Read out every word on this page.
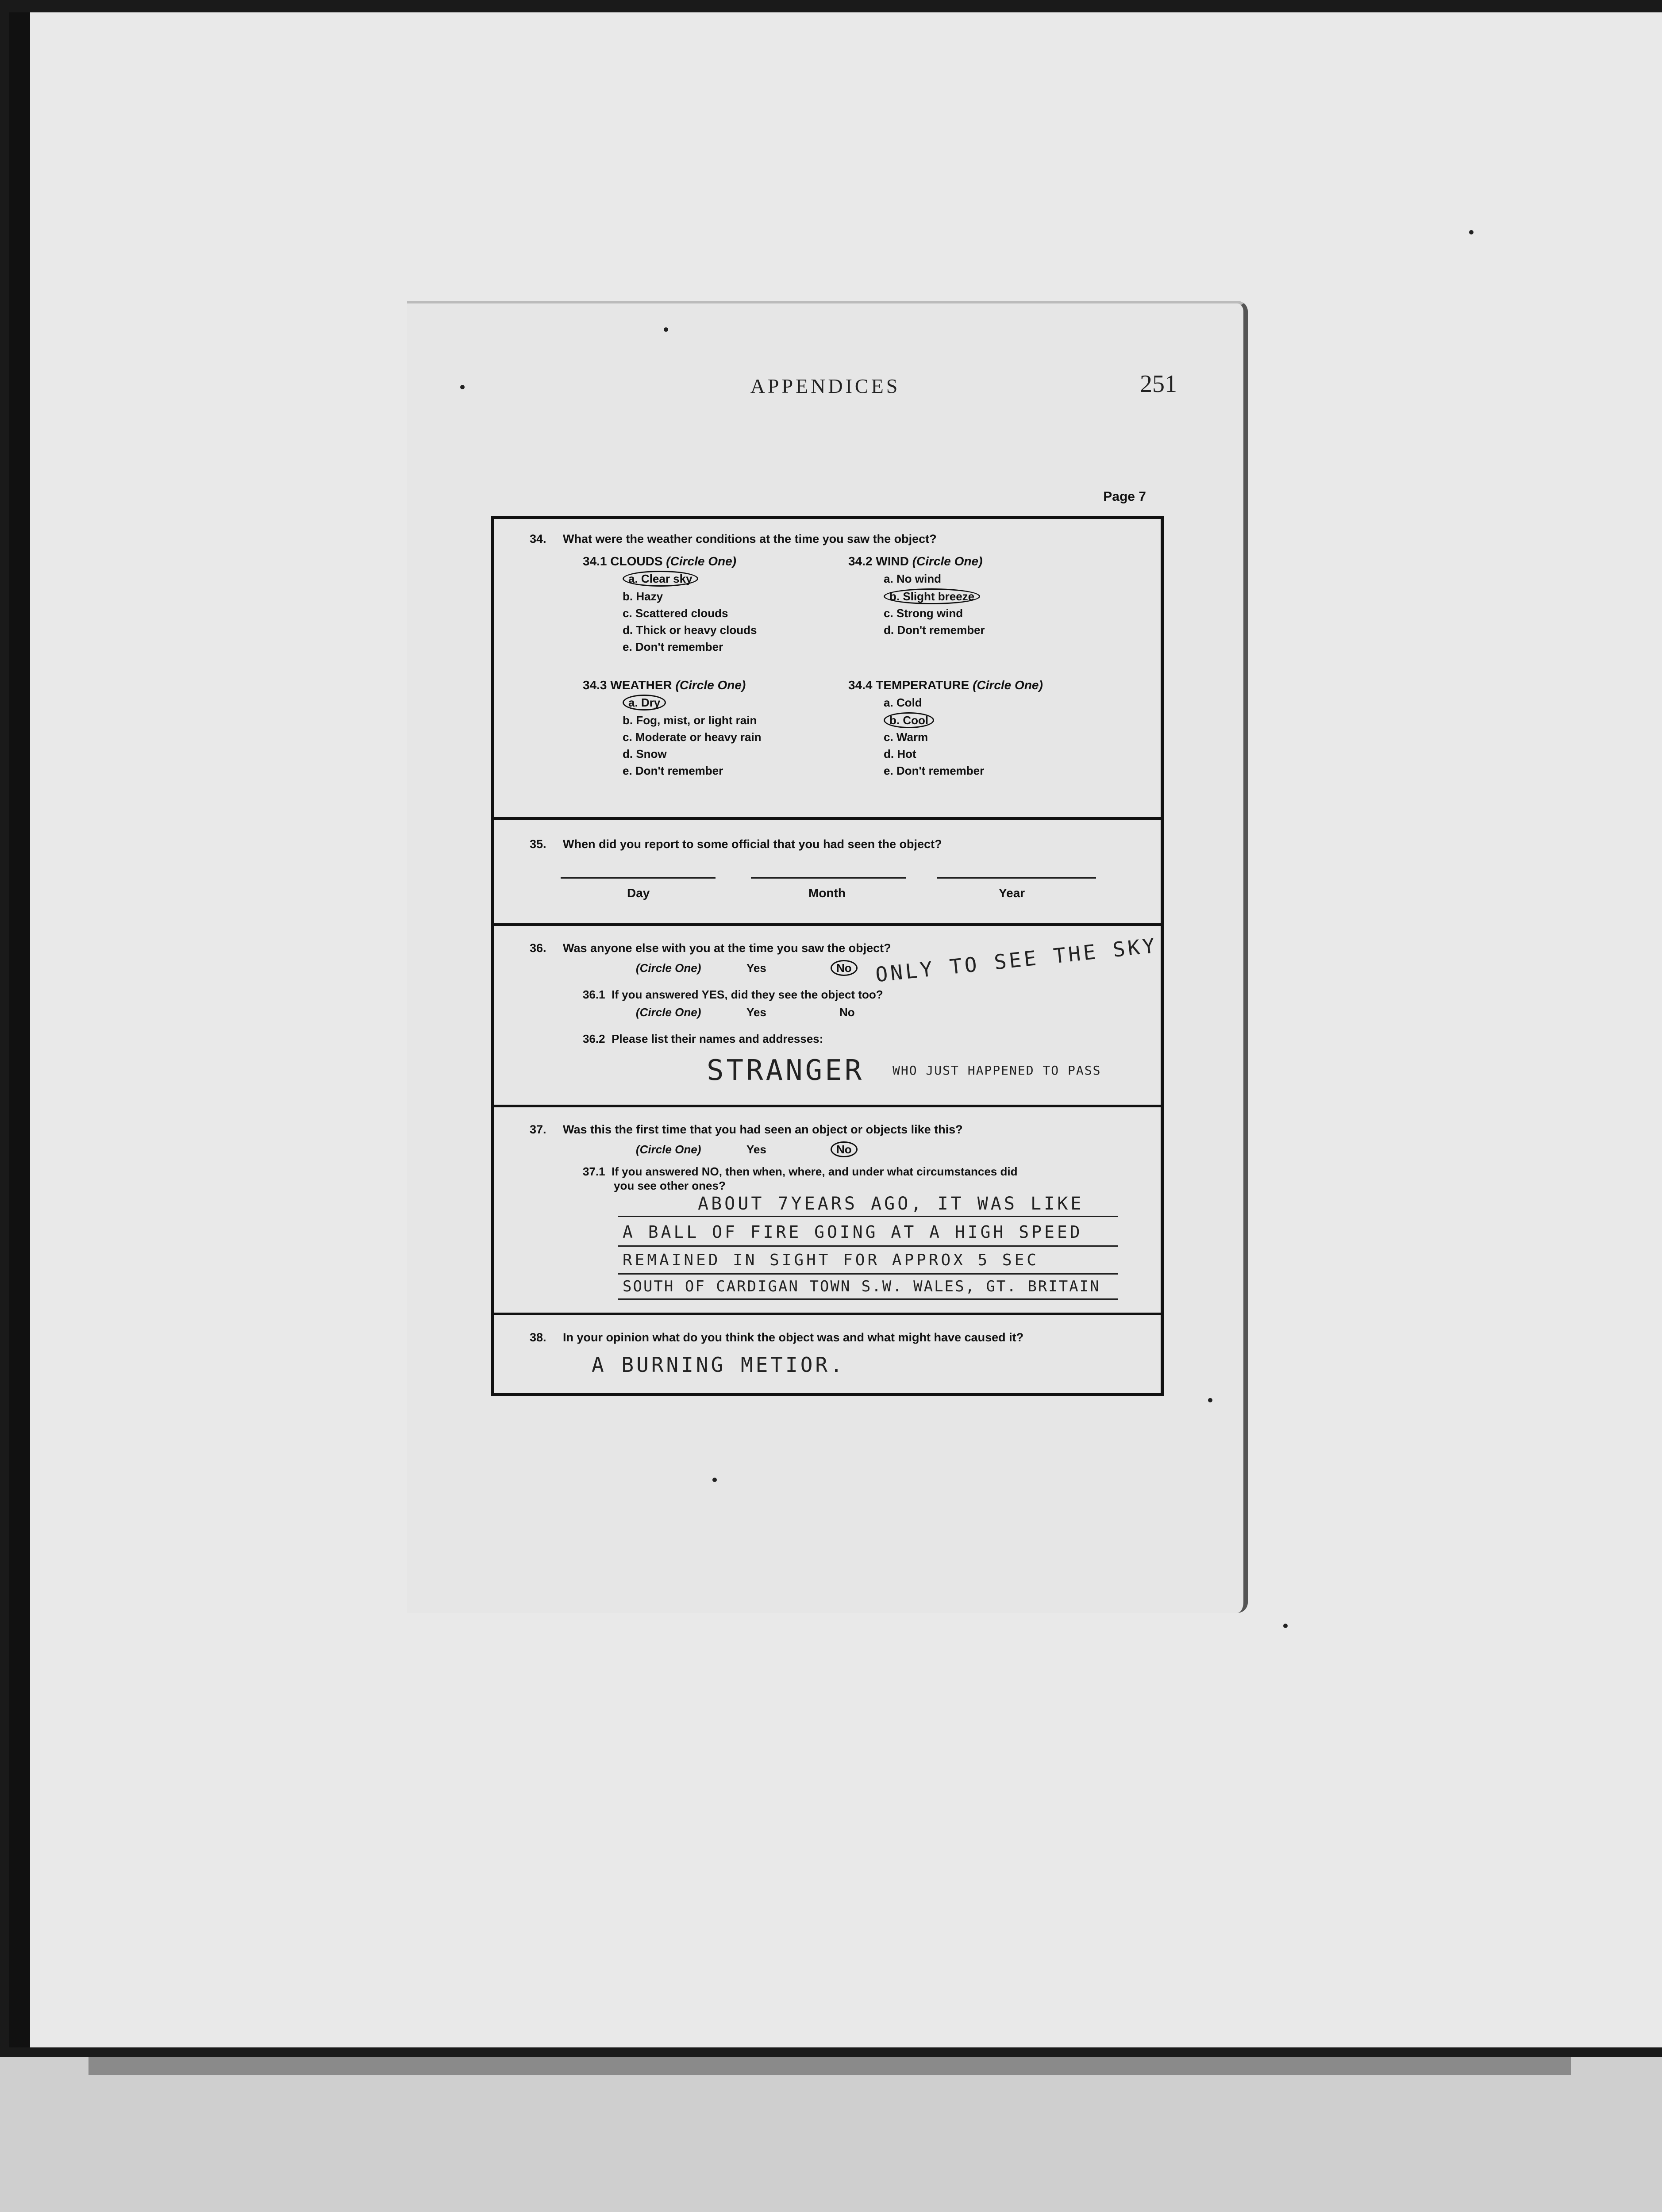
APPENDICES	251
Page 7
34. What were the weather conditions at the time you saw the object?
34.1 CLOUDS (Circle One)
a. Clear sky
b. Hazy
c. Scattered clouds
d. Thick or heavy clouds
e. Don't remember
34.2 WIND (Circle One)
a. No wind
b. Slight breeze
c. Strong wind
d. Don't remember
34.3 WEATHER (Circle One)
a. Dry
b. Fog, mist, or light rain
c. Moderate or heavy rain
d. Snow
e. Don't remember
34.4 TEMPERATURE (Circle One)
a. Cold
b. Cool
c. Warm
d. Hot
e. Don't remember
35. When did you report to some official that you had seen the object?
Day	Month	Year
36. Was anyone else with you at the time you saw the object?
(Circle One)	Yes	No ONLY TO SEE THE SKY
36.1 If you answered YES, did they see the object too?
(Circle One)	Yes	No
36.2 Please list their names and addresses:
STRANGER WHO JUST HAPPENED TO PASS
37. Was this the first time that you had seen an object or objects like this?
(Circle One)	Yes	No
37.1 If you answered NO, then when, where, and under what circumstances did
you see other ones?
ABOUT 7YEARS AGO, IT WAS LIKE
A BALL OF FIRE GOING AT A HIGH SPEED
REMAINED IN SIGHT FOR APPROX 5 SEC
SOUTH OF CARDIGAN TOWN S.W. WALES, GT. BRITAIN
38. In your opinion what do you think the object was and what might have caused it?
A BURNING METIOR.
